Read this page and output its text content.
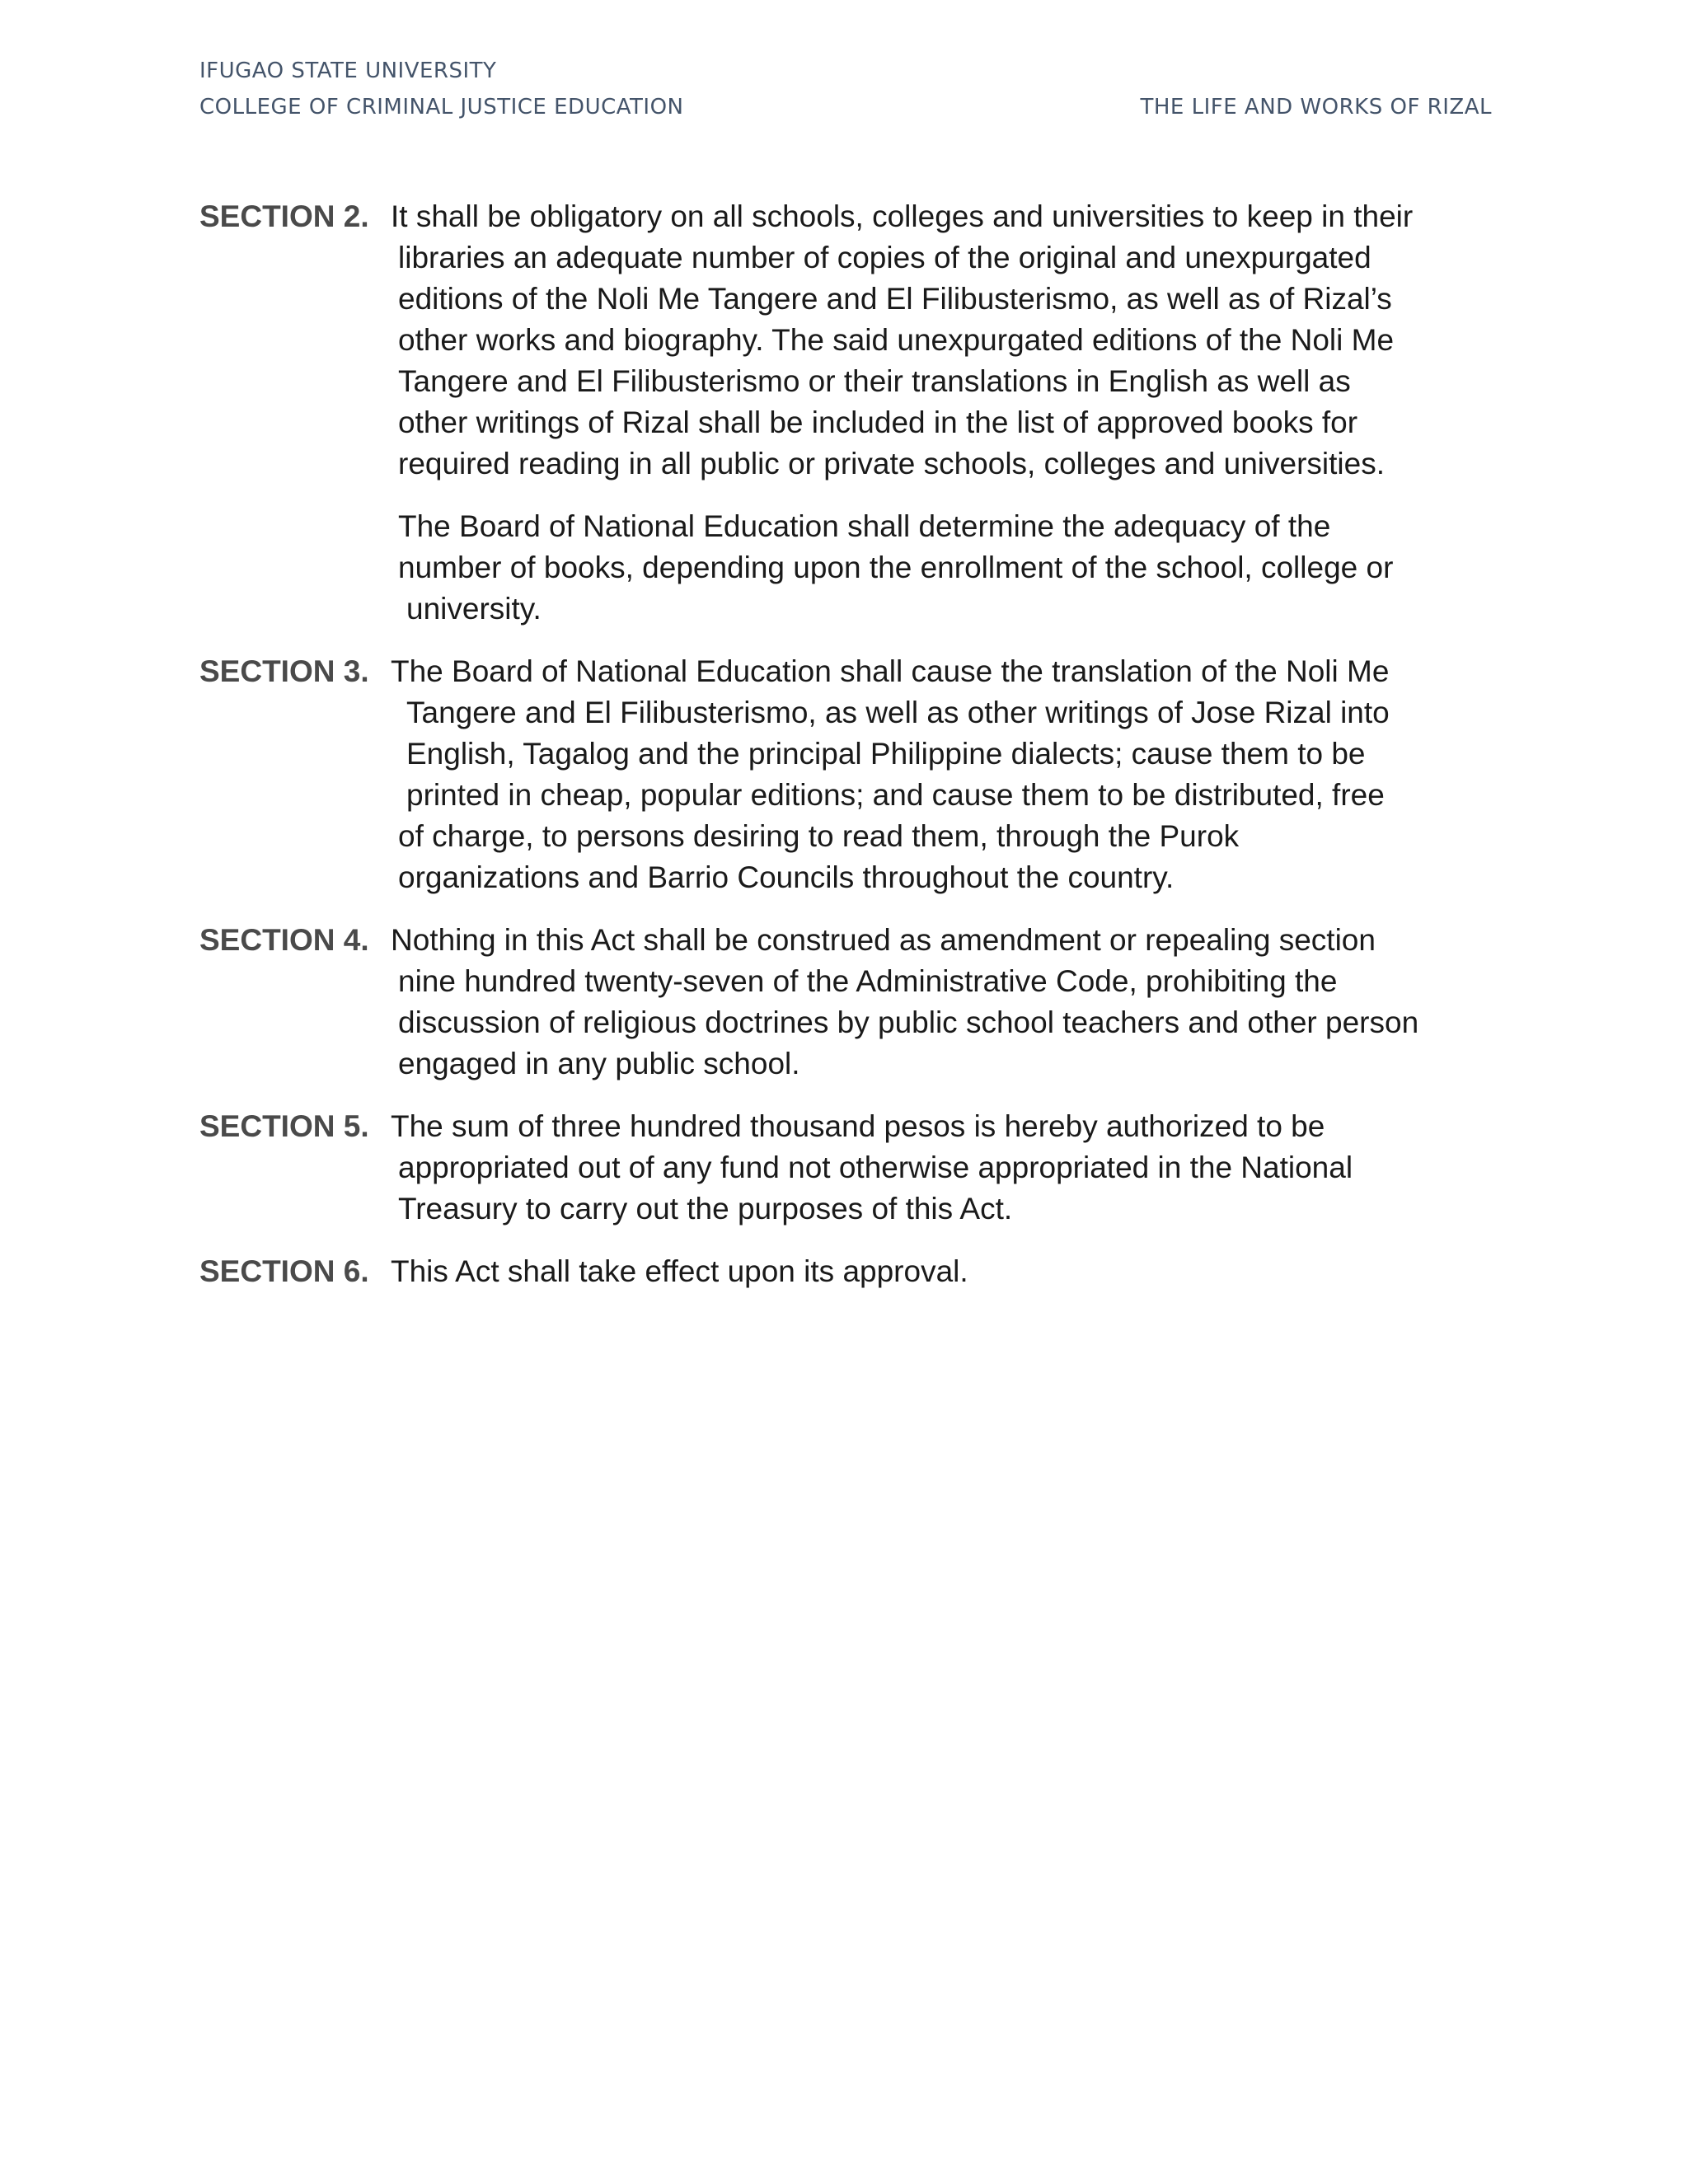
IFUGAO STATE UNIVERSITY
COLLEGE OF CRIMINAL JUSTICE EDUCATION	THE LIFE AND WORKS OF RIZAL
SECTION 2. It shall be obligatory on all schools, colleges and universities to keep in their
libraries an adequate number of copies of the original and unexpurgated
editions of the Noli Me Tangere and El Filibusterismo, as well as of Rizal’s
other works and biography. The said unexpurgated editions of the Noli Me
Tangere and El Filibusterismo or their translations in English as well as
other writings of Rizal shall be included in the list of approved books for
required reading in all public or private schools, colleges and universities.
The Board of National Education shall determine the adequacy of the
number of books, depending upon the enrollment of the school, college or
university.
SECTION 3. The Board of National Education shall cause the translation of the Noli Me
Tangere and El Filibusterismo, as well as other writings of Jose Rizal into
English, Tagalog and the principal Philippine dialects; cause them to be
printed in cheap, popular editions; and cause them to be distributed, free
of charge, to persons desiring to read them, through the Purok
organizations and Barrio Councils throughout the country.
SECTION 4. Nothing in this Act shall be construed as amendment or repealing section
nine hundred twenty-seven of the Administrative Code, prohibiting the
discussion of religious doctrines by public school teachers and other person
engaged in any public school.
SECTION 5. The sum of three hundred thousand pesos is hereby authorized to be
appropriated out of any fund not otherwise appropriated in the National
Treasury to carry out the purposes of this Act.
SECTION 6. This Act shall take effect upon its approval.
